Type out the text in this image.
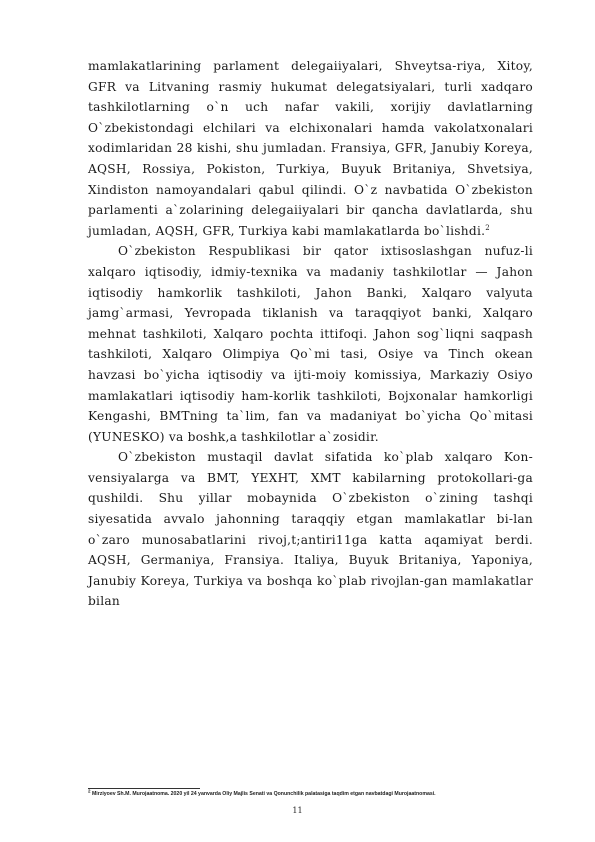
mamlakatlarining parlament delegaiiyalari, Shveytsa-riya, Xitoy, GFR va Litvaning rasmiy hukumat delegatsiyalari, turli xadqaro tashkilotlarning o`n uch nafar vakili, xorijiy davlatlarning O`zbekistondagi elchilari va elchixonalari hamda vakolatxonalari xodimlaridan 28 kishi, shu jumladan. Fransiya, GFR, Janubiy Koreya, AQSH, Rossiya, Pokiston, Turkiya, Buyuk Britaniya, Shvetsiya, Xindiston namoyandalari qabul qilindi. O`z navbatida O`zbekiston parlamenti a`zolarining delegaiiyalari bir qancha davlatlarda, shu jumladan, AQSH, GFR, Turkiya kabi mamlakatlarda bo`lishdi.$^2$

O`zbekiston Respublikasi bir qator ixtisoslashgan nufuz-li xalqaro iqtisodiy, idmiy-texnika va madaniy tashkilotlar — Jahon iqtisodiy hamkorlik tashkiloti, Jahon Banki, Xalqaro valyuta jamg`armasi, Yevropada tiklanish va taraqqiyot banki, Xalqaro mehnat tashkiloti, Xalqaro pochta ittifoqi. Jahon sog`liqni saqpash tashkiloti, Xalqaro Olimpiya Qo`mi tasi, Osiye va Tinch okean havzasi bo`yicha iqtisodiy va ijti-moiy komissiya, Markaziy Osiyo mamlakatlari iqtisodiy ham-korlik tashkiloti, Bojxonalar hamkorligi Kengashi, BMTning ta`lim, fan va madaniyat bo`yicha Qo`mitasi (YUNESKO) va boshk,a tashkilotlar a`zosidir.

O`zbekiston mustaqil davlat sifatida ko`plab xalqaro Kon-vensiyalarga va BMT, YEXHT, XMT kabilarning protokollari-ga qushildi. Shu yillar mobaynida O`zbekiston o`zining tashqi siyesatida avvalo jahonning taraqqiy etgan mamlakatlar bi-lan o`zaro munosabatlarini rivoj,t;antiri11ga katta aqamiyat berdi. AQSH, Germaniya, Fransiya. Italiya, Buyuk Britaniya, Yaponiya, Janubiy Koreya, Turkiya va boshqa ko`plab rivojlan-gan mamlakatlar bilan

$^2$ Mirziyoev Sh.M. Murojaatnoma. 2020 yil 24 yanvarda Oliy Majlis Senati va Qonunchilik palatasiga taqdim etgan navbatdagi Murojaatnomasi.
11
